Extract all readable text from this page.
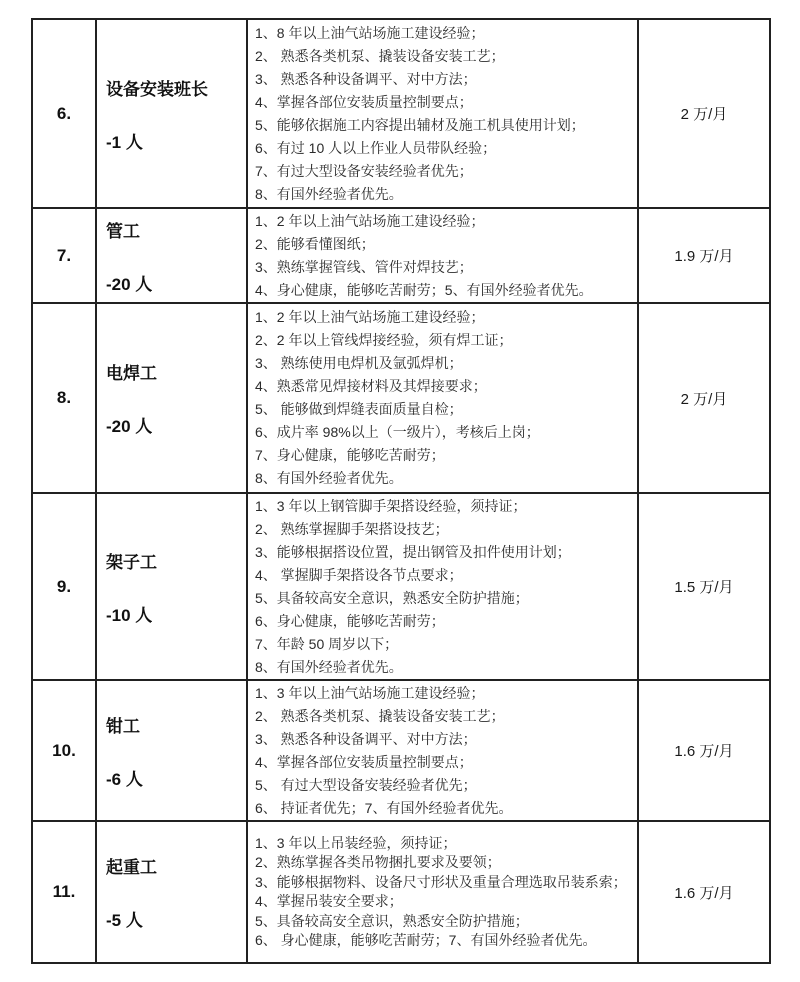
6.

设备安装班长
-1 人

1、8 年以上油气站场施工建设经验；
2、 熟悉各类机泵、撬装设备安装工艺；
3、 熟悉各种设备调平、对中方法；
4、掌握各部位安装质量控制要点；
5、能够依据施工内容提出辅材及施工机具使用计划；
6、有过 10 人以上作业人员带队经验；
7、有过大型设备安装经验者优先；
8、有国外经验者优先。

2 万/月

7.

管工
-20 人

1、2 年以上油气站场施工建设经验；
2、能够看懂图纸；
3、熟练掌握管线、管件对焊技艺；
4、身心健康，能够吃苦耐劳；5、有国外经验者优先。

1.9 万/月

8.

电焊工
-20 人

1、2 年以上油气站场施工建设经验；
2、2 年以上管线焊接经验，须有焊工证；
3、 熟练使用电焊机及氩弧焊机；
4、熟悉常见焊接材料及其焊接要求；
5、 能够做到焊缝表面质量自检；
6、成片率 98%以上（一级片），考核后上岗；
7、身心健康，能够吃苦耐劳；
8、有国外经验者优先。

2 万/月

9.

架子工
-10 人

1、3 年以上钢管脚手架搭设经验，须持证；
2、 熟练掌握脚手架搭设技艺；
3、能够根据搭设位置，提出钢管及扣件使用计划；
4、 掌握脚手架搭设各节点要求；
5、具备较高安全意识，熟悉安全防护措施；
6、身心健康，能够吃苦耐劳；
7、年龄 50 周岁以下；
8、有国外经验者优先。

1.5 万/月

10.

钳工
-6 人

1、3 年以上油气站场施工建设经验；
2、 熟悉各类机泵、撬装设备安装工艺；
3、 熟悉各种设备调平、对中方法；
4、掌握各部位安装质量控制要点；
5、 有过大型设备安装经验者优先；
6、 持证者优先；7、有国外经验者优先。

1.6 万/月

11.

起重工
-5 人

1、3 年以上吊装经验，须持证；
2、熟练掌握各类吊物捆扎要求及要领；
3、能够根据物料、设备尺寸形状及重量合理选取吊装系索；
4、掌握吊装安全要求；
5、具备较高安全意识，熟悉安全防护措施；
6、 身心健康，能够吃苦耐劳；7、有国外经验者优先。

1.6 万/月
